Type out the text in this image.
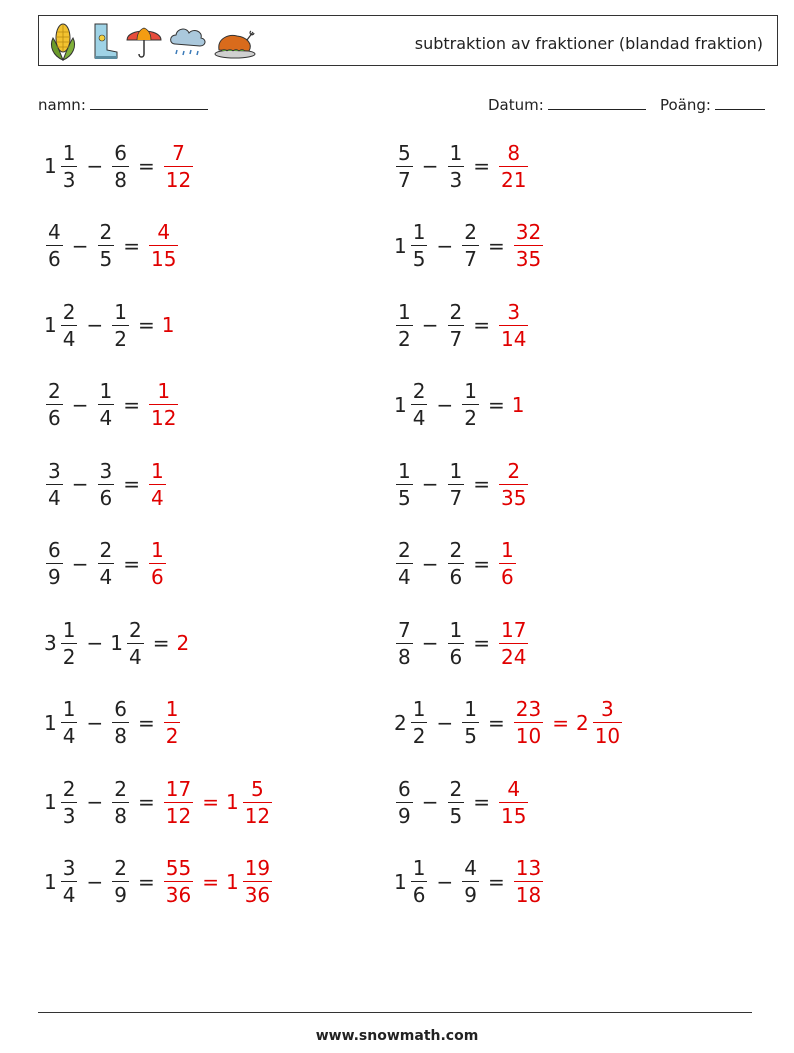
subtraktion av fraktioner (blandad fraktion)
namn:	Datum:	Poäng:
$1 \frac{1}{3} - \frac{6}{8} = \frac{7}{12}$	$\frac{5}{7} - \frac{1}{3} = \frac{8}{21}$
$\frac{4}{6} - \frac{2}{5} = \frac{4}{15}$	$1 \frac{1}{5} - \frac{2}{7} = \frac{32}{35}$
$1 \frac{2}{4} - \frac{1}{2} = 1$	$\frac{1}{2} - \frac{2}{7} = \frac{3}{14}$
$\frac{2}{6} - \frac{1}{4} = \frac{1}{12}$	$1 \frac{2}{4} - \frac{1}{2} = 1$
$\frac{3}{4} - \frac{3}{6} = \frac{1}{4}$	$\frac{1}{5} - \frac{1}{7} = \frac{2}{35}$
$\frac{6}{9} - \frac{2}{4} = \frac{1}{6}$	$\frac{2}{4} - \frac{2}{6} = \frac{1}{6}$
$3 \frac{1}{2} - 1 \frac{2}{4} = 2$	$\frac{7}{8} - \frac{1}{6} = \frac{17}{24}$
$1 \frac{1}{4} - \frac{6}{8} = \frac{1}{2}$	$2 \frac{1}{2} - \frac{1}{5} = \frac{23}{10} = 2 \frac{3}{10}$
$1 \frac{2}{3} - \frac{2}{8} = \frac{17}{12} = 1 \frac{5}{12}$	$\frac{6}{9} - \frac{2}{5} = \frac{4}{15}$
$1 \frac{3}{4} - \frac{2}{9} = \frac{55}{36} = 1 \frac{19}{36}$	$1 \frac{1}{6} - \frac{4}{9} = \frac{13}{18}$
www.snowmath.com
